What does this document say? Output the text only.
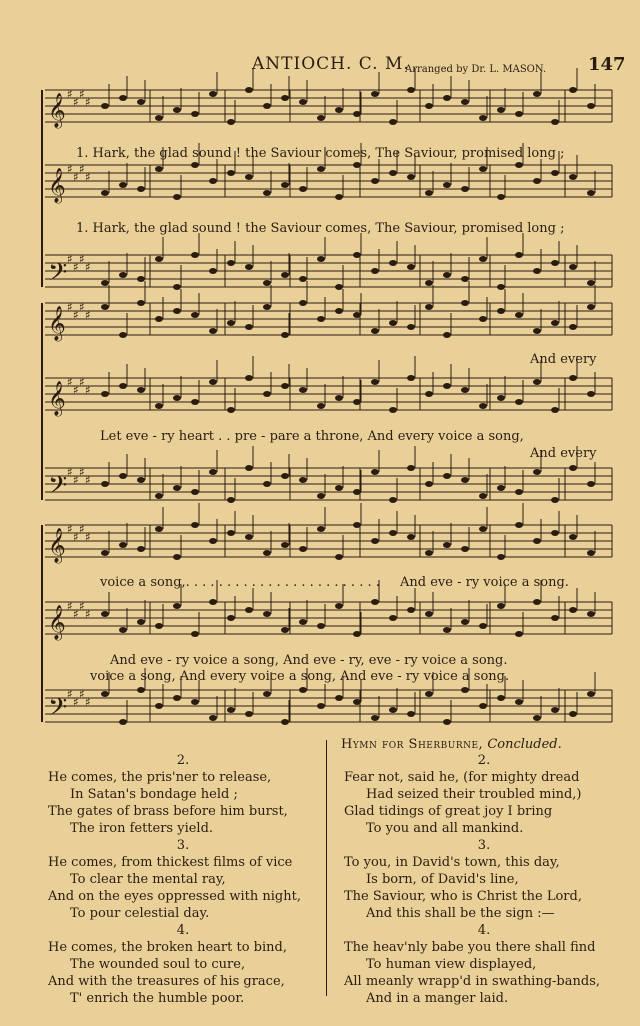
ANTIOCH. C. M.
Arranged by Dr. L. MASON. 147
𝄞 ♯
♯
♯
♯
𝄞 ♯
♯
♯
♯
𝄢 ♯
♯
♯
♯
𝄞 ♯
♯
♯
♯
𝄞 ♯
♯
♯
♯
𝄢 ♯
♯
♯
♯
𝄞 ♯
♯
♯
♯
𝄞 ♯
♯
♯
♯
𝄢 ♯
♯
♯
♯
1. Hark, the glad sound ! the Saviour comes, The Saviour, promised long ;
1. Hark, the glad sound ! the Saviour comes, The Saviour, promised long ;
And every
Let eve - ry heart . . pre - pare a throne, And every voice a song,
And every
voice a song,. . . . . . . . . . . . . . . . . . . . . . . . And eve - ry voice a song.
And eve - ry voice a song, And eve - ry, eve - ry voice a song.
voice a song, And every voice a song, And eve - ry voice a song.
2.
He comes, the pris'ner to release,
In Satan's bondage held ;
The gates of brass before him burst,
The iron fetters yield.
3.
He comes, from thickest films of vice
To clear the mental ray,
And on the eyes oppressed with night,
To pour celestial day.
4.
He comes, the broken heart to bind,
The wounded soul to cure,
And with the treasures of his grace,
T' enrich the humble poor.
Hymn for Sherburne, Concluded.
2.
Fear not, said he, (for mighty dread
Had seized their troubled mind,)
Glad tidings of great joy I bring
To you and all mankind.
3.
To you, in David's town, this day,
Is born, of David's line,
The Saviour, who is Christ the Lord,
And this shall be the sign :—
4.
The heav'nly babe you there shall find
To human view displayed,
All meanly wrapp'd in swathing-bands,
And in a manger laid.
